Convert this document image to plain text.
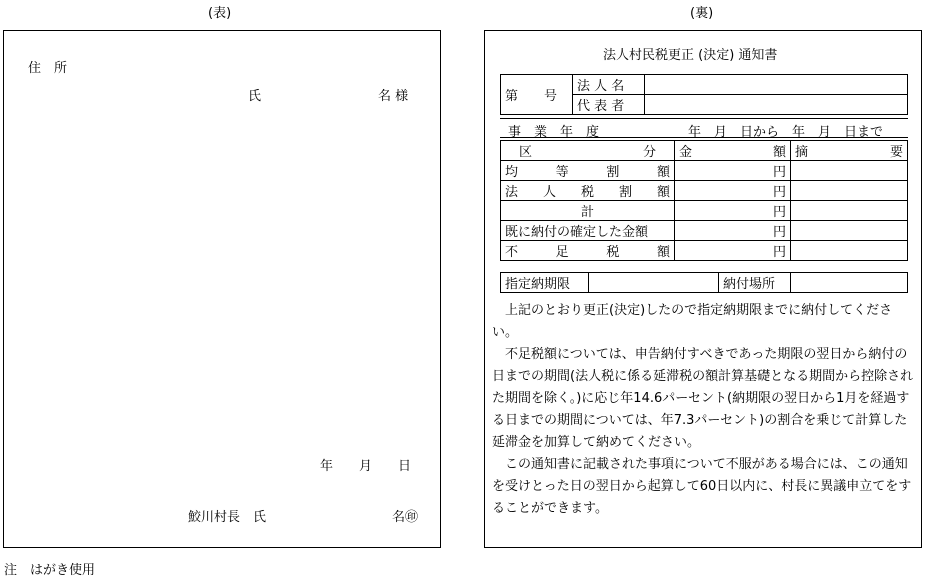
(表)
住　所
氏	名 様
年　　月　　日
鮫川村長　氏	名㊞
(裏)
法人村民税更正 (決定) 通知書
第　　号	法 人 名	
	代 表 者	
事　業　年　度	年　月　日から　年　月　日まで
区 分	金 額	摘 要

均 等 割 額	円	

法 人 税 割 額	円	
計	円	
既に納付の確定した金額	円	

不 足 税 額	円	
指定納期限		納付場所	

上記のとおり更正(決定)したので指定納期限までに納付してください。

不足税額については、申告納付すべきであった期限の翌日から納付の日までの期間(法人税に係る延滞税の額計算基礎となる期間から控除された期間を除く。)に応じ年14.6パーセント(納期限の翌日から1月を経過する日までの期間については、年7.3パーセント)の割合を乗じて計算した延滞金を加算して納めてください。

この通知書に記載された事項について不服がある場合には、この通知を受けとった日の翌日から起算して60日以内に、村長に異議申立てをすることができます。

注　はがき使用
